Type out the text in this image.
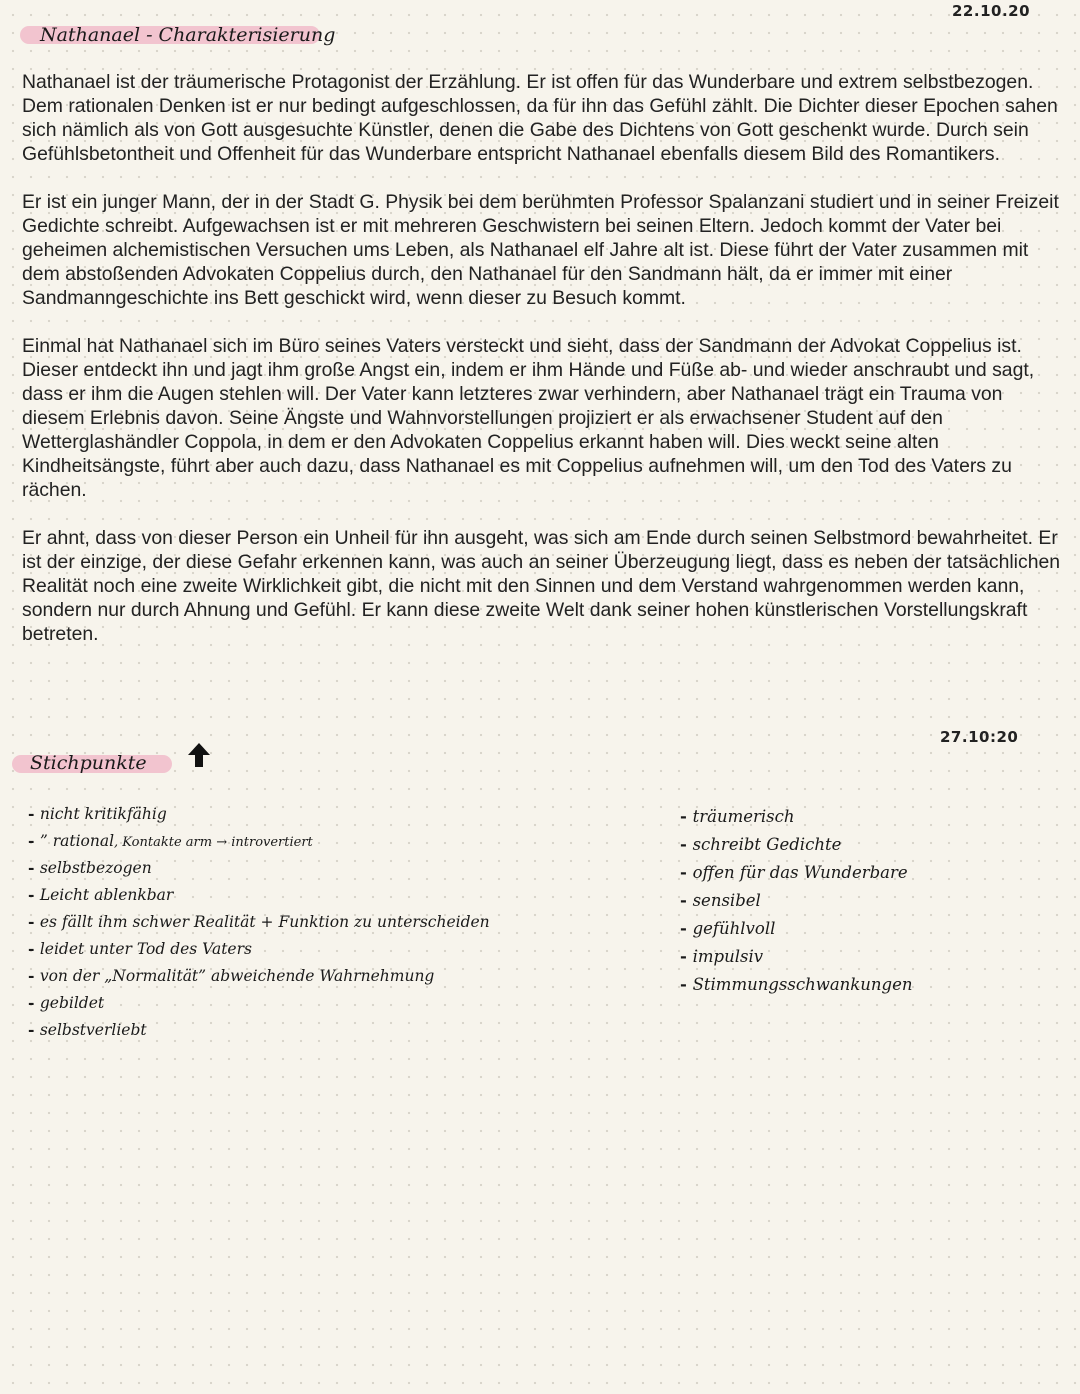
22.10.20
Nathanael - Charakterisierung

Nathanael ist der träumerische Protagonist der Erzählung. Er ist offen für das Wunderbare und extrem selbstbezogen. Dem rationalen Denken ist er nur bedingt aufgeschlossen, da für ihn das Gefühl zählt. Die Dichter dieser Epochen sahen sich nämlich als von Gott ausgesuchte Künstler, denen die Gabe des Dichtens von Gott geschenkt wurde. Durch sein Gefühlsbetontheit und Offenheit für das Wunderbare entspricht Nathanael ebenfalls diesem Bild des Romantikers.

Er ist ein junger Mann, der in der Stadt G. Physik bei dem berühmten Professor Spalanzani studiert und in seiner Freizeit Gedichte schreibt. Aufgewachsen ist er mit mehreren Geschwistern bei seinen Eltern. Jedoch kommt der Vater bei geheimen alchemistischen Versuchen ums Leben, als Nathanael elf Jahre alt ist. Diese führt der Vater zusammen mit dem abstoßenden Advokaten Coppelius durch, den Nathanael für den Sandmann hält, da er immer mit einer Sandmanngeschichte ins Bett geschickt wird, wenn dieser zu Besuch kommt.

Einmal hat Nathanael sich im Büro seines Vaters versteckt und sieht, dass der Sandmann der Advokat Coppelius ist. Dieser entdeckt ihn und jagt ihm große Angst ein, indem er ihm Hände und Füße ab- und wieder anschraubt und sagt, dass er ihm die Augen stehlen will. Der Vater kann letzteres zwar verhindern, aber Nathanael trägt ein Trauma von diesem Erlebnis davon. Seine Ängste und Wahnvorstellungen projiziert er als erwachsener Student auf den Wetterglashändler Coppola, in dem er den Advokaten Coppelius erkannt haben will. Dies weckt seine alten Kindheitsängste, führt aber auch dazu, dass Nathanael es mit Coppelius aufnehmen will, um den Tod des Vaters zu rächen.

Er ahnt, dass von dieser Person ein Unheil für ihn ausgeht, was sich am Ende durch seinen Selbstmord bewahrheitet. Er ist der einzige, der diese Gefahr erkennen kann, was auch an seiner Überzeugung liegt, dass es neben der tatsächlichen Realität noch eine zweite Wirklichkeit gibt, die nicht mit den Sinnen und dem Verstand wahrgenommen werden kann, sondern nur durch Ahnung und Gefühl. Er kann diese zweite Welt dank seiner hohen künstlerischen Vorstellungskraft betreten.

27.10:20
Stichpunkte
- nicht kritikfähig
- ” rational, Kontakte arm → introvertiert
- selbstbezogen
- Leicht ablenkbar
- es fällt ihm schwer Realität + Funktion zu unterscheiden
- leidet unter Tod des Vaters
- von der „Normalität” abweichende Wahrnehmung
- gebildet
- selbstverliebt
- träumerisch
- schreibt Gedichte
- offen für das Wunderbare
- sensibel
- gefühlvoll
- impulsiv
- Stimmungsschwankungen
